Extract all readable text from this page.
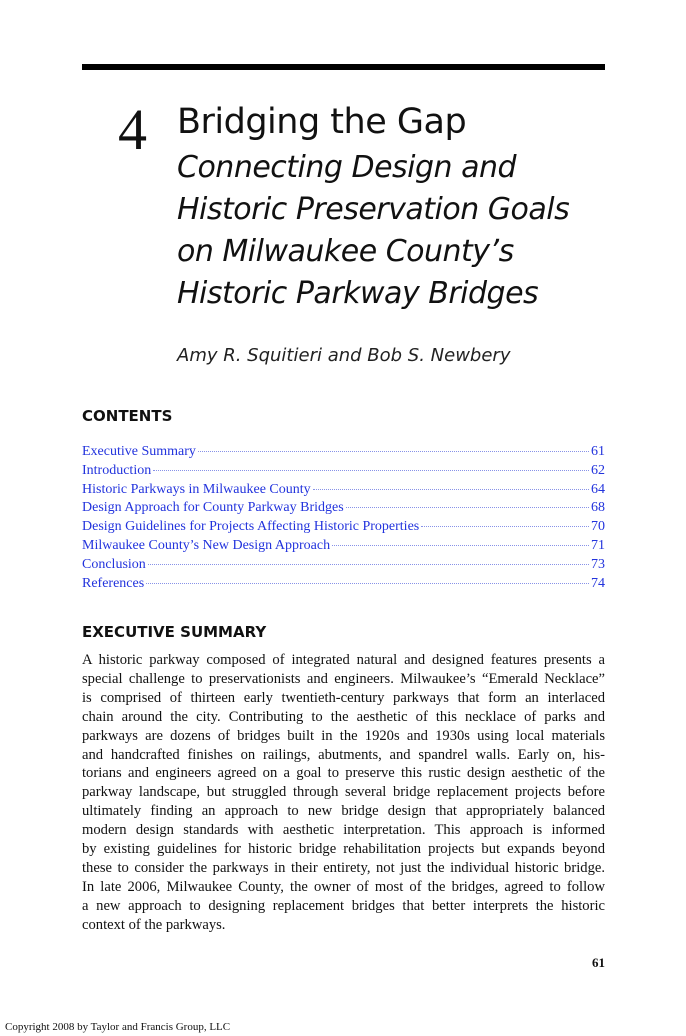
4 Bridging the Gap
Connecting Design and
Historic Preservation Goals
on Milwaukee County’s
Historic Parkway Bridges
Amy R. Squitieri and Bob S. Newbery
CONTENTS
Executive Summary	61
Introduction	62
Historic Parkways in Milwaukee County	64
Design Approach for County Parkway Bridges	68
Design Guidelines for Projects Affecting Historic Properties	70
Milwaukee County’s New Design Approach	71
Conclusion	73
References	74
EXECUTIVE SUMMARY
A historic parkway composed of integrated natural and designed features presents a
special challenge to preservationists and engineers. Milwaukee’s “Emerald Necklace”
is comprised of thirteen early twentieth-century parkways that form an interlaced
chain around the city. Contributing to the aesthetic of this necklace of parks and
parkways are dozens of bridges built in the 1920s and 1930s using local materials
and handcrafted finishes on railings, abutments, and spandrel walls. Early on, his-
torians and engineers agreed on a goal to preserve this rustic design aesthetic of the
parkway landscape, but struggled through several bridge replacement projects before
ultimately finding an approach to new bridge design that appropriately balanced
modern design standards with aesthetic interpretation. This approach is informed
by existing guidelines for historic bridge rehabilitation projects but expands beyond
these to consider the parkways in their entirety, not just the individual historic bridge.
In late 2006, Milwaukee County, the owner of most of the bridges, agreed to follow
a new approach to designing replacement bridges that better interprets the historic
context of the parkways.
61
Copyright 2008 by Taylor and Francis Group, LLC
